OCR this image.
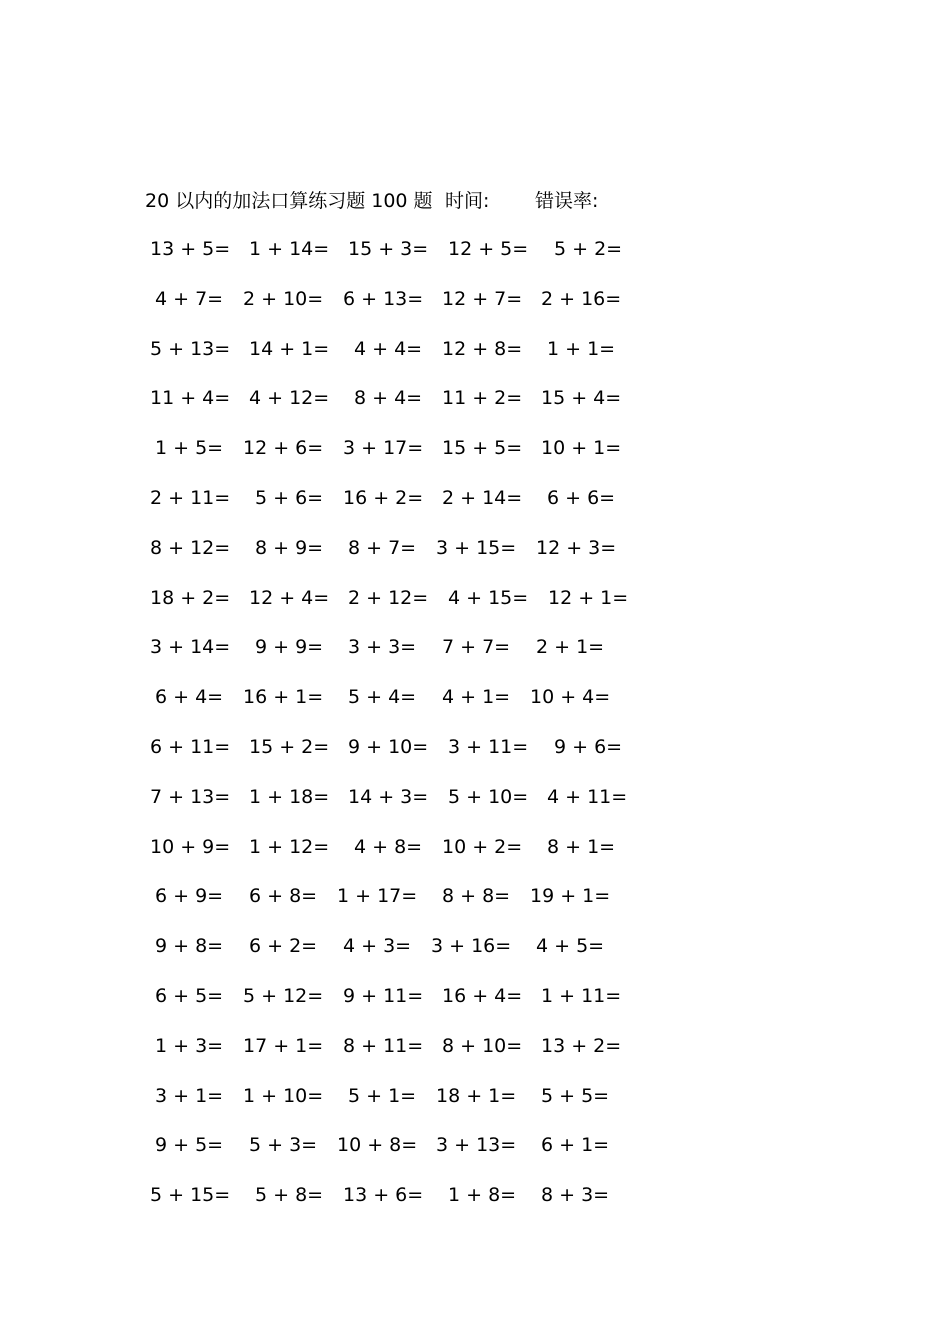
20 以内的加法口算练习题 100 题 时间: 错误率:
13 + 5= 1 + 14= 15 + 3= 12 + 5= 5 + 2=
4 + 7= 2 + 10= 6 + 13= 12 + 7= 2 + 16=
5 + 13= 14 + 1= 4 + 4= 12 + 8= 1 + 1=
11 + 4= 4 + 12= 8 + 4= 11 + 2= 15 + 4=
1 + 5= 12 + 6= 3 + 17= 15 + 5= 10 + 1=
2 + 11= 5 + 6= 16 + 2= 2 + 14= 6 + 6=
8 + 12= 8 + 9= 8 + 7= 3 + 15= 12 + 3=
18 + 2= 12 + 4= 2 + 12= 4 + 15= 12 + 1=
3 + 14= 9 + 9= 3 + 3= 7 + 7= 2 + 1=
6 + 4= 16 + 1= 5 + 4= 4 + 1= 10 + 4=
6 + 11= 15 + 2= 9 + 10= 3 + 11= 9 + 6=
7 + 13= 1 + 18= 14 + 3= 5 + 10= 4 + 11=
10 + 9= 1 + 12= 4 + 8= 10 + 2= 8 + 1=
6 + 9= 6 + 8= 1 + 17= 8 + 8= 19 + 1=
9 + 8= 6 + 2= 4 + 3= 3 + 16= 4 + 5=
6 + 5= 5 + 12= 9 + 11= 16 + 4= 1 + 11=
1 + 3= 17 + 1= 8 + 11= 8 + 10= 13 + 2=
3 + 1= 1 + 10= 5 + 1= 18 + 1= 5 + 5=
9 + 5= 5 + 3= 10 + 8= 3 + 13= 6 + 1=
5 + 15= 5 + 8= 13 + 6= 1 + 8= 8 + 3=
